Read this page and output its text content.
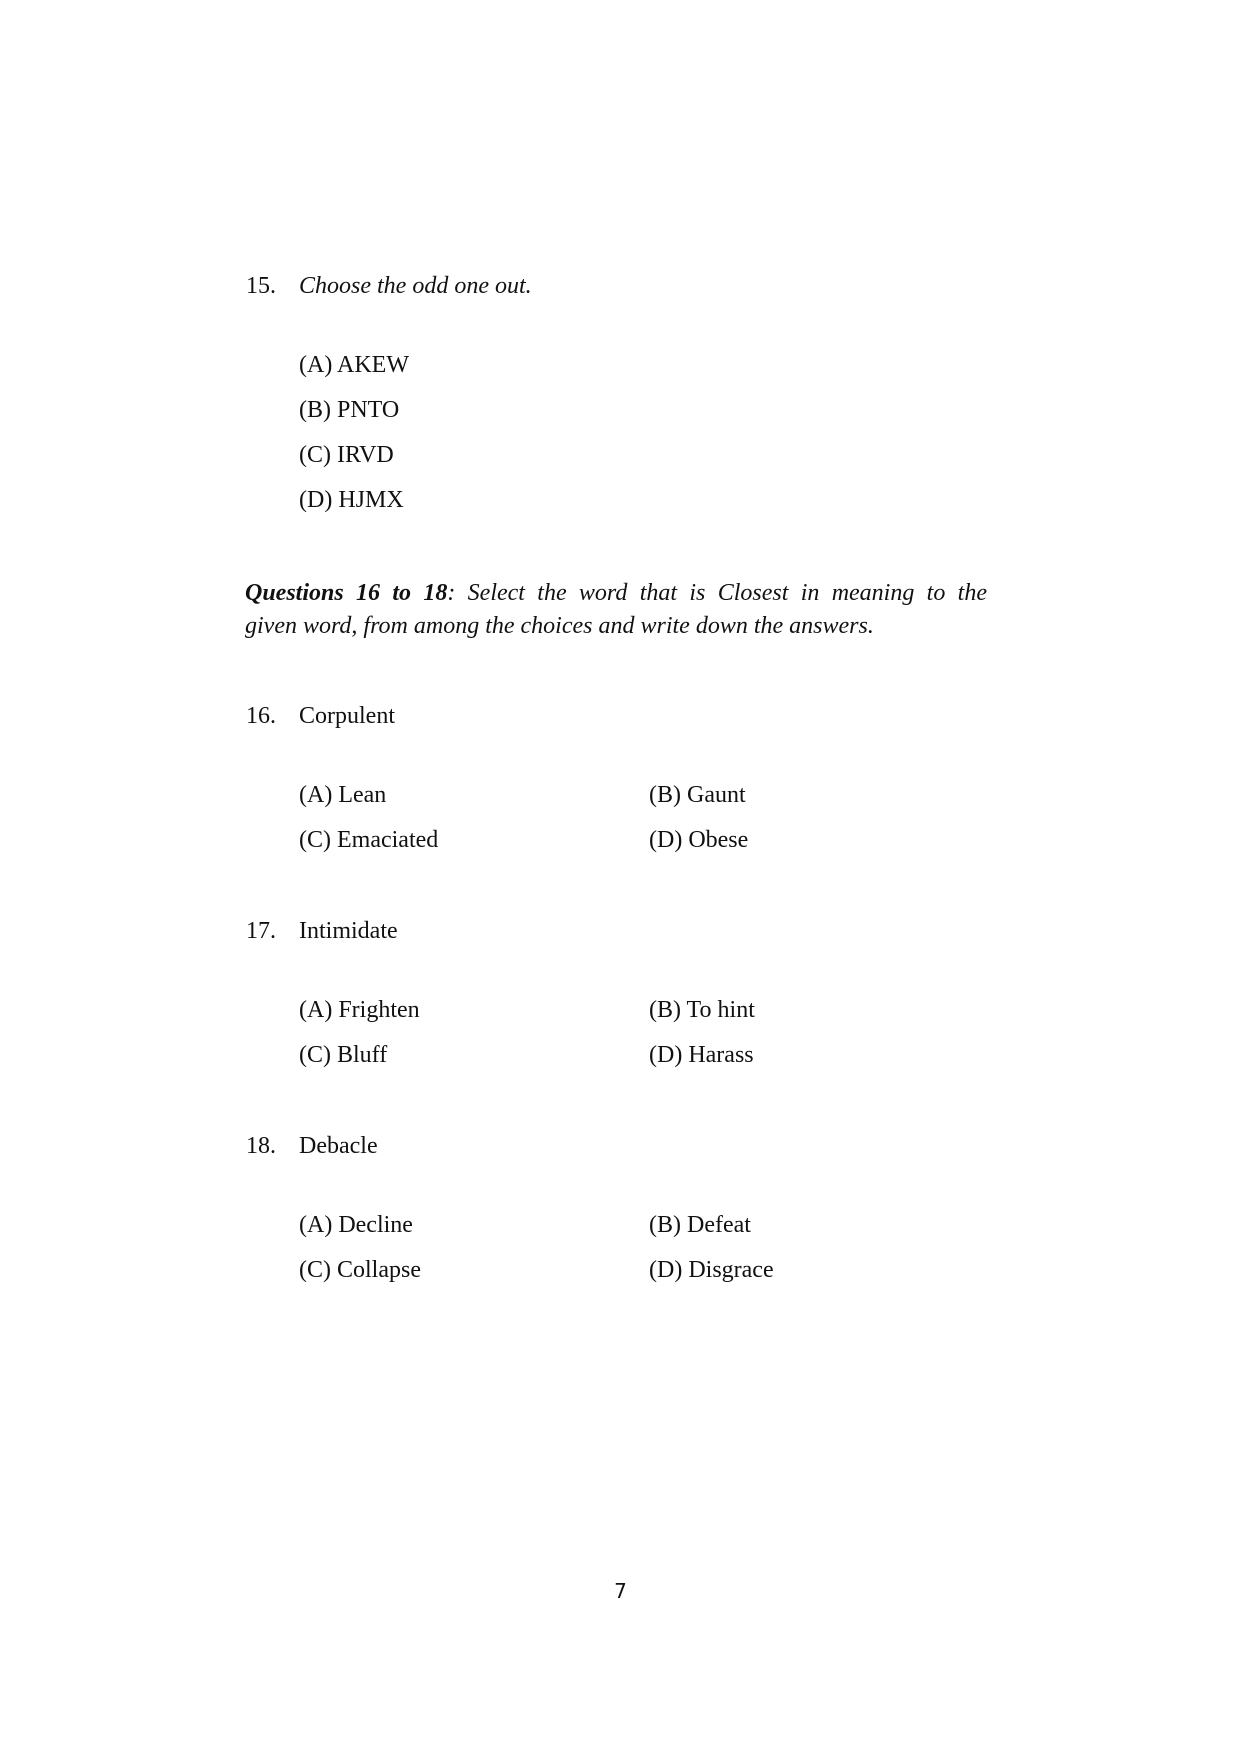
15. Choose the odd one out.
(A) AKEW
(B) PNTO
(C) IRVD
(D) HJMX
Questions 16 to 18: Select the word that is Closest in meaning to the
given word, from among the choices and write down the answers.
16. Corpulent
(A) Lean	(B) Gaunt
(C) Emaciated	(D) Obese
17. Intimidate
(A) Frighten	(B) To hint
(C) Bluff	(D) Harass
18. Debacle
(A) Decline	(B) Defeat
(C) Collapse	(D) Disgrace
7
